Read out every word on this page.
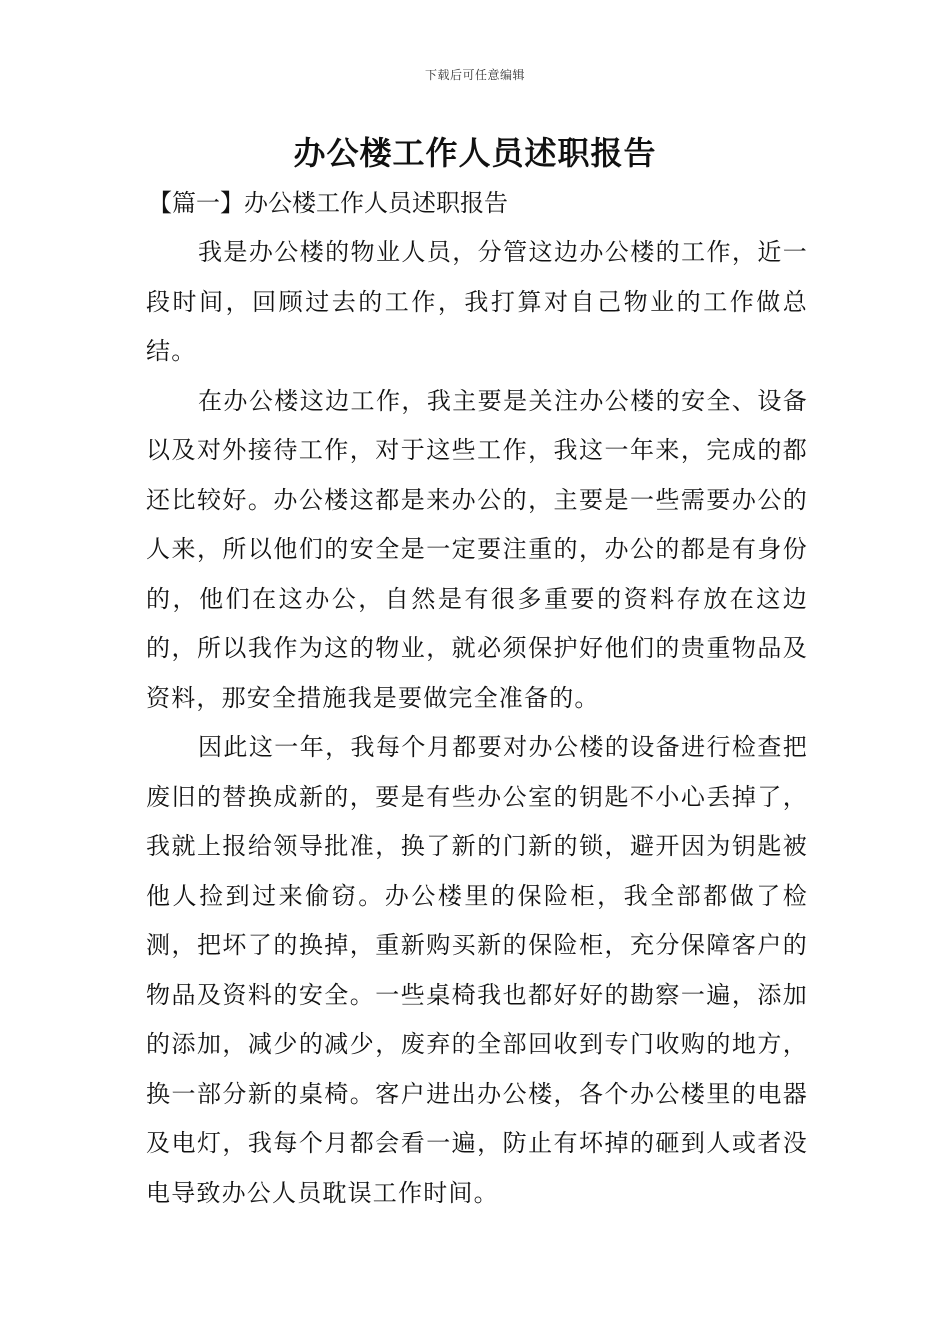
下载后可任意编辑
办公楼工作人员述职报告

【篇一】办公楼工作人员述职报告

我是办公楼的物业人员，分管这边办公楼的工作，近一段时间，回顾过去的工作，我打算对自己物业的工作做总结。

在办公楼这边工作，我主要是关注办公楼的安全、设备以及对外接待工作，对于这些工作，我这一年来，完成的都还比较好。办公楼这都是来办公的，主要是一些需要办公的人来，所以他们的安全是一定要注重的，办公的都是有身份的，他们在这办公，自然是有很多重要的资料存放在这边的，所以我作为这的物业，就必须保护好他们的贵重物品及资料，那安全措施我是要做完全准备的。

因此这一年，我每个月都要对办公楼的设备进行检查把废旧的替换成新的，要是有些办公室的钥匙不小心丢掉了，我就上报给领导批准，换了新的门新的锁，避开因为钥匙被他人捡到过来偷窃。办公楼里的保险柜，我全部都做了检测，把坏了的换掉，重新购买新的保险柜，充分保障客户的物品及资料的安全。一些桌椅我也都好好的勘察一遍，添加的添加，减少的减少，废弃的全部回收到专门收购的地方，换一部分新的桌椅。客户进出办公楼，各个办公楼里的电器及电灯，我每个月都会看一遍，防止有坏掉的砸到人或者没电导致办公人员耽误工作时间。
